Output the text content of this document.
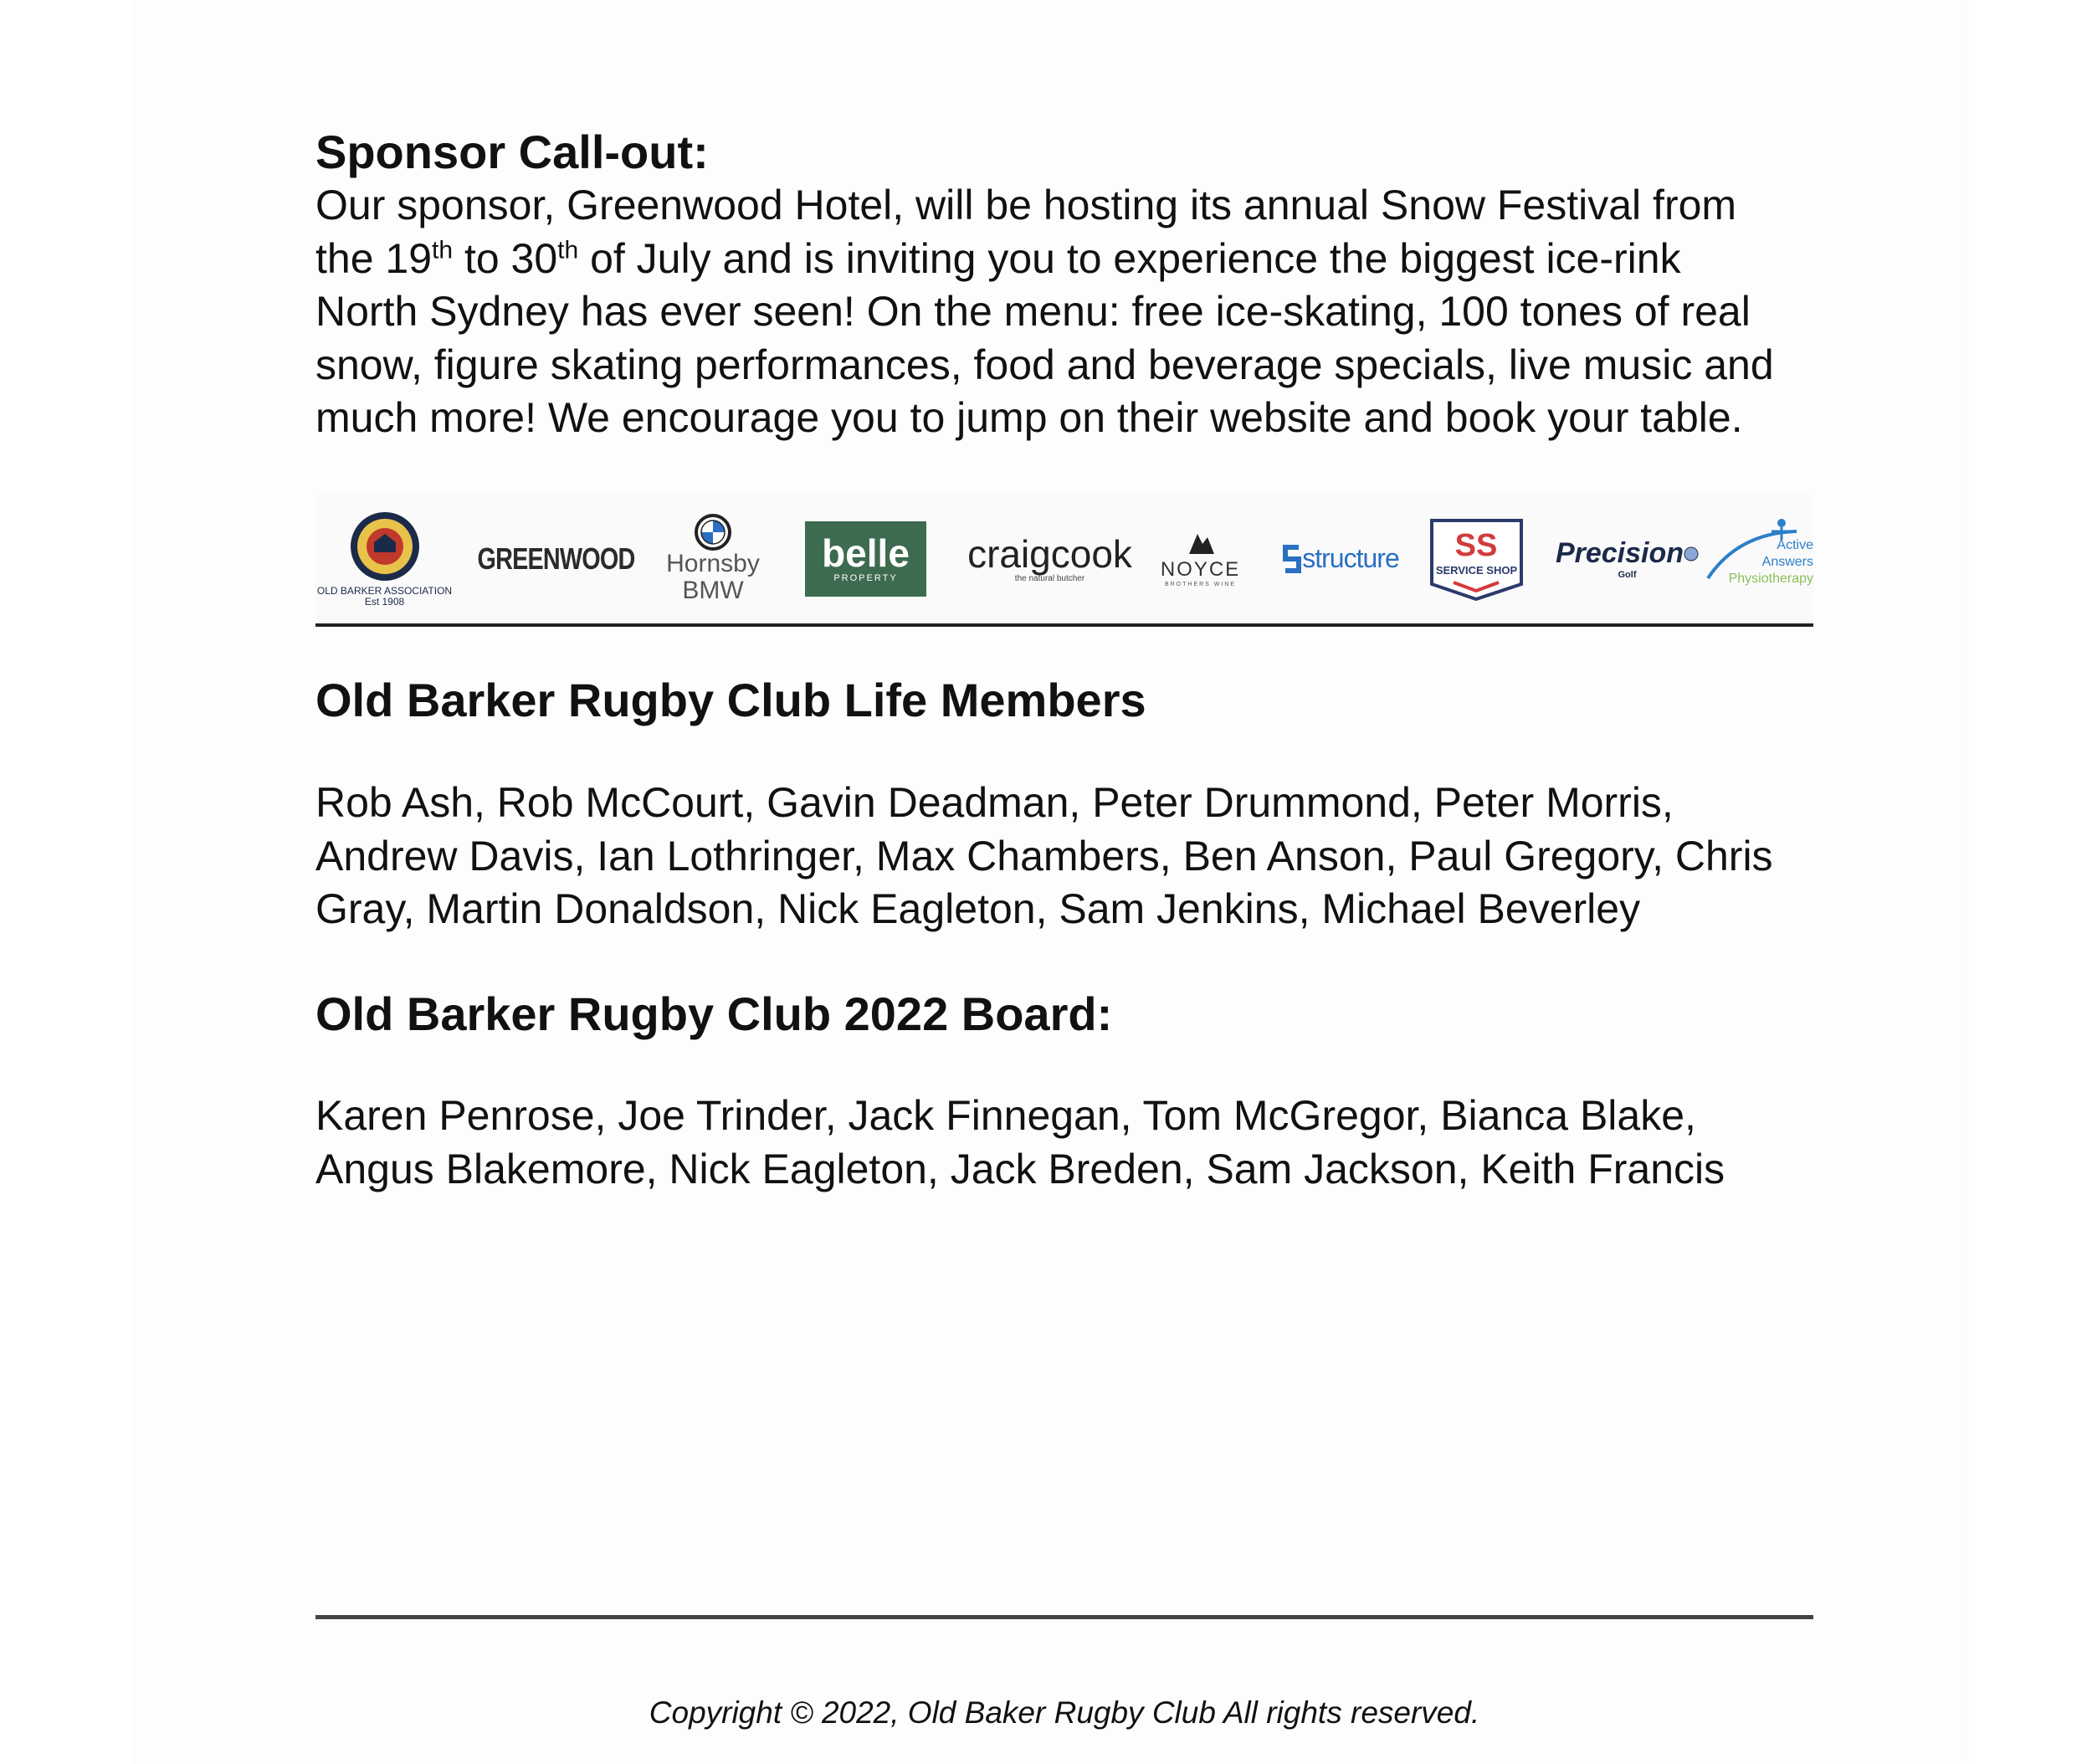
Sponsor Call-out:

Our sponsor, Greenwood Hotel, will be hosting its annual Snow Festival from
the 19th to 30th of July and is inviting you to experience the biggest ice-rink
North Sydney has ever seen! On the menu: free ice-skating, 100 tones of real
snow, figure skating performances, food and beverage specials, live music and
much more! We encourage you to jump on their website and book your table.

OLD BARKER ASSOCIATION
Est 1908
GREENWOOD Hornsby
BMW
belle
PROPERTY
craigcook
the natural butcher	NOYCE
BROTHERS WINE
structure SS
SERVICE SHOP
Precision
Golf
Active
Answers
Physiotherapy
Old Barker Rugby Club Life Members

Rob Ash, Rob McCourt, Gavin Deadman, Peter Drummond, Peter Morris,
Andrew Davis, Ian Lothringer, Max Chambers, Ben Anson, Paul Gregory, Chris
Gray, Martin Donaldson, Nick Eagleton, Sam Jenkins, Michael Beverley

Old Barker Rugby Club 2022 Board:

Karen Penrose, Joe Trinder, Jack Finnegan, Tom McGregor, Bianca Blake,
Angus Blakemore, Nick Eagleton, Jack Breden, Sam Jackson, Keith Francis

Copyright © 2022, Old Baker Rugby Club All rights reserved.
